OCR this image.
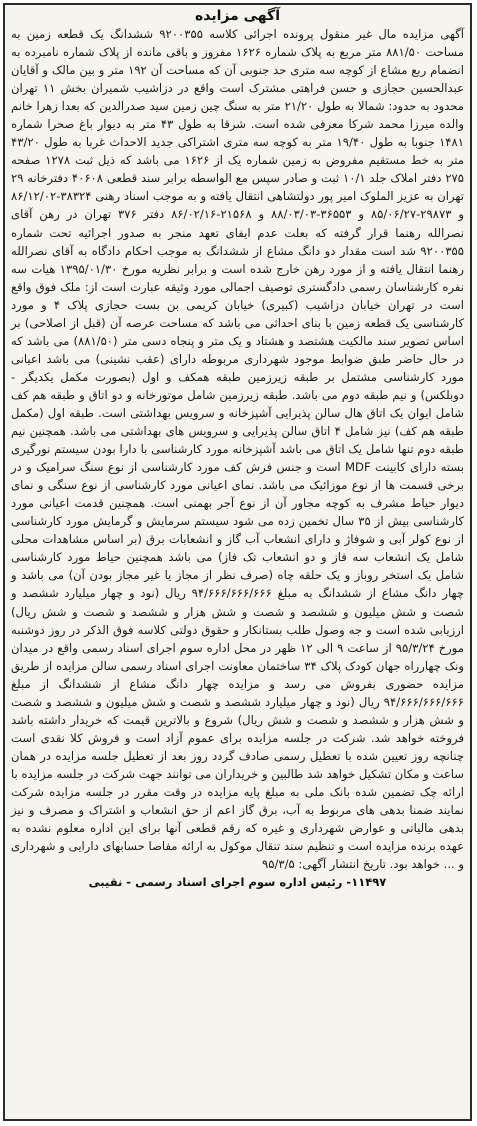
آگهی مزایده

آگهی مزایده مال غیر منقول پرونده اجرائی کلاسه ۹۲۰۰۳۵۵ ششدانگ یک قطعه زمین به مساحت ۸۸۱/۵۰ متر مربع به پلاک شماره ۱۶۲۶ مفروز و باقی مانده از پلاک شماره نامبرده به انضمام ربع مشاع از کوچه سه متری حد جنوبی آن که مساحت آن ۱۹۲ متر و بین مالک و آقایان عبدالحسین حجازی و حسن فراهتی مشترک است واقع در دزاشیب شمیران بخش ۱۱ تهران محدود به حدود: شمالا به طول ۲۱/۲۰ متر به سنگ چین زمین سید صدرالدین که بعدا زهرا خانم والده میرزا محمد شرکا معرفی شده است. شرقا به طول ۴۳ متر به دیوار باغ صحرا شماره ۱۴۸۱ جنوبا به طول ۱۹/۴۰ متر به کوچه سه متری اشتراکی جدید الاحداث غربا به طول ۴۳/۲۰ متر به خط مستقیم مفروض به زمین شماره یک از ۱۶۲۶ می باشد که ذیل ثبت ۱۲۷۸ صفحه ۲۷۵ دفتر املاک جلد ۱۰/۱ ثبت و صادر سپس مع الواسطه برابر سند قطعی ۴۰۶۰۸ دفترخانه ۲۹ تهران به عزیز الملوک امیر پور دولتشاهی انتقال یافته و به موجب اسناد رهنی ۳۸۳۲۴-۸۶/۱۲/۰۲ و ۲۹۸۷۳-۸۵/۰۶/۲۷ و ۳۶۵۵۳-۸۸/۰۳/۰۳ و ۲۱۵۶۸-۸۶/۰۲/۱۶ دفتر ۳۷۶ تهران در رهن آقای نصرالله رهنما قرار گرفته که بعلت عدم ایفای تعهد منجر به صدور اجرائیه تحت شماره ۹۲۰۰۳۵۵ شد است مقدار دو دانگ مشاع از ششدانگ به موجب احکام دادگاه به آقای نصرالله رهنما انتقال یافته و از مورد رهن خارج شده است و برابر نظریه مورخ ۱۳۹۵/۰۱/۳۰ هیات سه نفره کارشناسان رسمی دادگستری توصیف اجمالی مورد وثیقه عبارت است از: ملک فوق واقع است در تهران خیابان دزاشیب (کبیری) خیابان کریمی بن بست حجازی پلاک ۴ و مورد کارشناسی یک قطعه زمین با بنای احداثی می باشد که مساحت عرصه آن (قبل از اصلاحی) بر اساس تصویر سند مالکیت هشتصد و هشتاد و یک متر و پنجاه دسی متر (۸۸۱/۵۰) می باشد که در حال حاضر طبق ضوابط موجود شهرداری مربوطه دارای (عقب نشینی) می باشد اعیانی مورد کارشناسی مشتمل بر طبقه زیرزمین طبقه همکف و اول (بصورت مکمل یکدیگر - دوبلکس) و نیم طبقه دوم می باشد. طبقه زیرزمین شامل موتورخانه و دو اتاق و طبقه هم کف شامل ایوان یک اتاق هال سالن پذیرایی آشپزخانه و سرویس بهداشتی است. طبقه اول (مکمل طبقه هم کف) نیز شامل ۴ اتاق سالن پذیرایی و سرویس های بهداشتی می باشد. همچنین نیم طبقه دوم تنها شامل یک اتاق می باشد آشپزخانه مورد کارشناسی با دارا بودن سیستم نورگیری بسته دارای کابینت MDF است و جنس فرش کف مورد کارشناسی از نوع سنگ سرامیک و در برخی قسمت ها از نوع موزائیک می باشد. نمای اعیانی مورد کارشناسی از نوع سنگی و نمای دیوار حیاط مشرف به کوچه مجاور آن از نوع آجر بهمنی است. همچنین قدمت اعیانی مورد کارشناسی بیش از ۳۵ سال تخمین زده می شود سیستم سرمایش و گرمایش مورد کارشناسی از نوع کولر آبی و شوفاژ و دارای انشعاب آب گاز و انشعابات برق (بر اساس مشاهدات محلی شامل یک انشعاب سه فاز و دو انشعاب تک فاز) می باشد همچنین حیاط مورد کارشناسی شامل یک استخر روباز و یک حلقه چاه (صرف نظر از مجاز یا غیر مجاز بودن آن) می باشد و چهار دانگ مشاع از ششدانگ به مبلغ ۹۴/۶۶۶/۶۶۶/۶۶۶ ریال (نود و چهار میلیارد ششصد و شصت و شش میلیون و ششصد و شصت و شش هزار و ششصد و شصت و شش ریال) ارزیابی شده است و جه وصول طلب بستانکار و حقوق دولتی کلاسه فوق الذکر در روز دوشنبه مورخ ۹۵/۳/۲۴ از ساعت ۹ الی ۱۲ ظهر در محل اداره سوم اجرای اسناد رسمی واقع در میدان ونک چهارراه جهان کودک پلاک ۳۴ ساختمان معاونت اجرای اسناد رسمی سالن مزایده از طریق مزایده حضوری بفروش می رسد و مزایده چهار دانگ مشاع از ششدانگ از مبلغ ۹۴/۶۶۶/۶۶۶/۶۶۶ ریال (نود و چهار میلیارد ششصد و شصت و شش میلیون و ششصد و شصت و شش هزار و ششصد و شصت و شش ریال) شروع و بالاترین قیمت که خریدار داشته باشد فروخته خواهد شد. شرکت در جلسه مزایده برای عموم آزاد است و فروش کلا نقدی است چنانچه روز تعیین شده با تعطیل رسمی صادف گردد روز بعد از تعطیل جلسه مزایده در همان ساعت و مکان تشکیل خواهد شد طالبین و خریداران می توانند جهت شرکت در جلسه مزایده با ارائه چک تضمین شده بانک ملی به مبلغ پایه مزایده در وقت مقرر در جلسه مزایده شرکت نمایند ضمنا بدهی های مربوط به آب، برق گاز اعم از حق انشعاب و اشتراک و مصرف و نیز بدهی مالیاتی و عوارض شهرداری و غیره که رقم قطعی آنها برای این اداره معلوم نشده به عهده برنده مزایده است و تنظیم سند تنقال موکول به ارائه مفاصا حسابهای دارایی و شهرداری و ... خواهد بود. تاریخ انتشار آگهی: ۹۵/۳/۵

۱۱۴۹۷- رئیس اداره سوم اجرای اسناد رسمی - نقیبی
